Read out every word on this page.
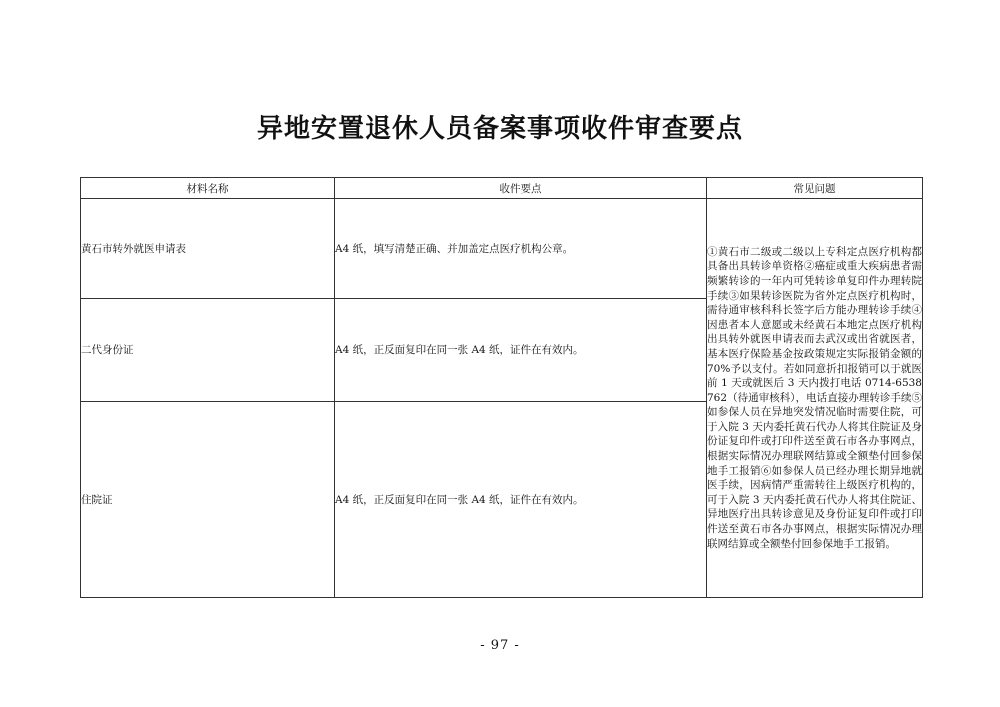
异地安置退休人员备案事项收件审查要点
材料名称	收件要点	常见问题
黄石市转外就医申请表	A4 纸，填写清楚正确、并加盖定点医疗机构公章。	①黄石市二级或二级以上专科定点医疗机构都具备出具转诊单资格②癌症或重大疾病患者需频繁转诊的一年内可凭转诊单复印件办理转院手续③如果转诊医院为省外定点医疗机构时，需待通审核科科长签字后方能办理转诊手续④因患者本人意愿或未经黄石本地定点医疗机构出具转外就医申请表而去武汉或出省就医者，基本医疗保险基金按政策规定实际报销金额的70%予以支付。若如同意折扣报销可以于就医前 1 天或就医后 3 天内拨打电话 0714-6538762（待通审核科），电话直接办理转诊手续⑤如参保人员在异地突发情况临时需要住院，可于入院 3 天内委托黄石代办人将其住院证及身份证复印件或打印件送至黄石市各办事网点，根据实际情况办理联网结算或全额垫付回参保地手工报销⑥如参保人员已经办理长期异地就医手续，因病情严重需转往上级医疗机构的，可于入院 3 天内委托黄石代办人将其住院证、异地医疗出具转诊意见及身份证复印件或打印件送至黄石市各办事网点，根据实际情况办理联网结算或全额垫付回参保地手工报销。
二代身份证	A4 纸，正反面复印在同一张 A4 纸，证件在有效内。	
住院证	A4 纸，正反面复印在同一张 A4 纸，证件在有效内。	
- 97 -
